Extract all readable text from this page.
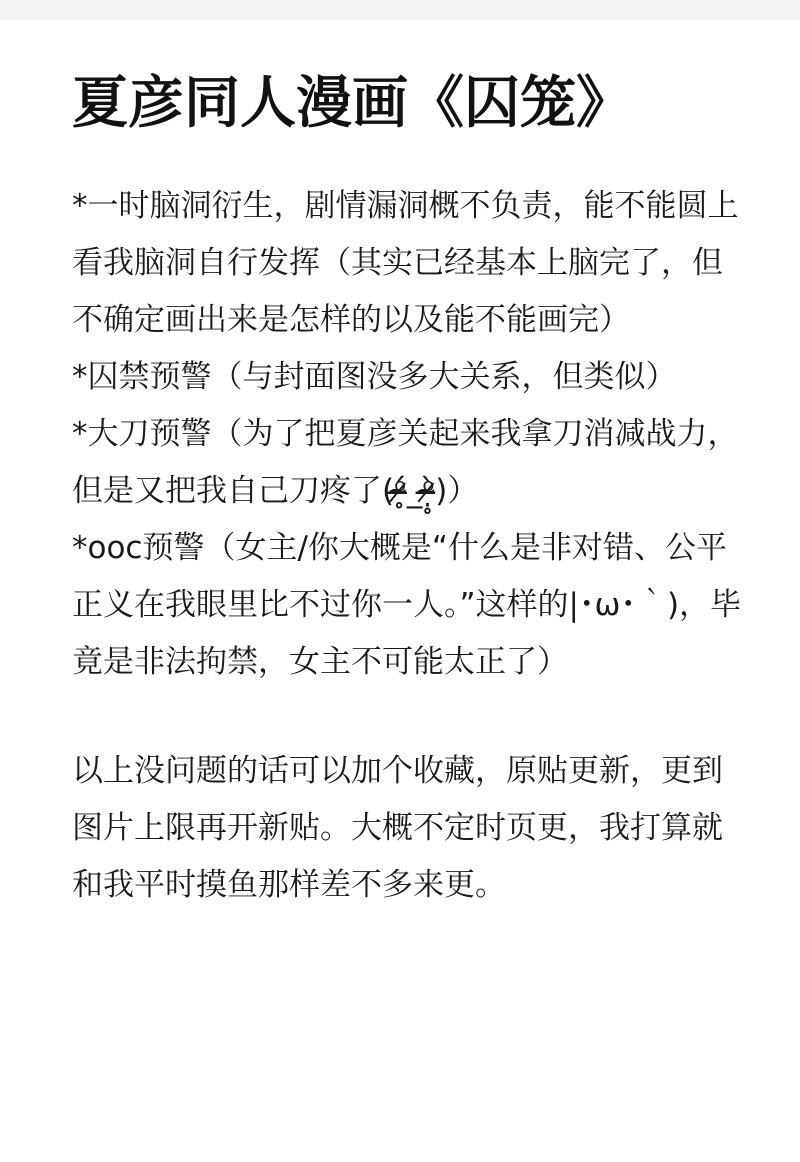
夏彦同人漫画《囚笼》

*一时脑洞衍生，剧情漏洞概不负责，能不能圆上看我脑洞自行发挥（其实已经基本上脑完了，但不确定画出来是怎样的以及能不能画完）

*囚禁预警（与封面图没多大关系，但类似）

*大刀预警（为了把夏彦关起来我拿刀消减战力，但是又把我自己刀疼了(ᵒ̴̶̷̥́_ᵒ̴̶̷̣̥̀)）

*ooc预警（女主/你大概是“什么是非对错、公平正义在我眼里比不过你一人。”这样的|･ω･｀)，毕竟是非法拘禁，女主不可能太正了）

以上没问题的话可以加个收藏，原贴更新，更到图片上限再开新贴。大概不定时页更，我打算就和我平时摸鱼那样差不多来更。
